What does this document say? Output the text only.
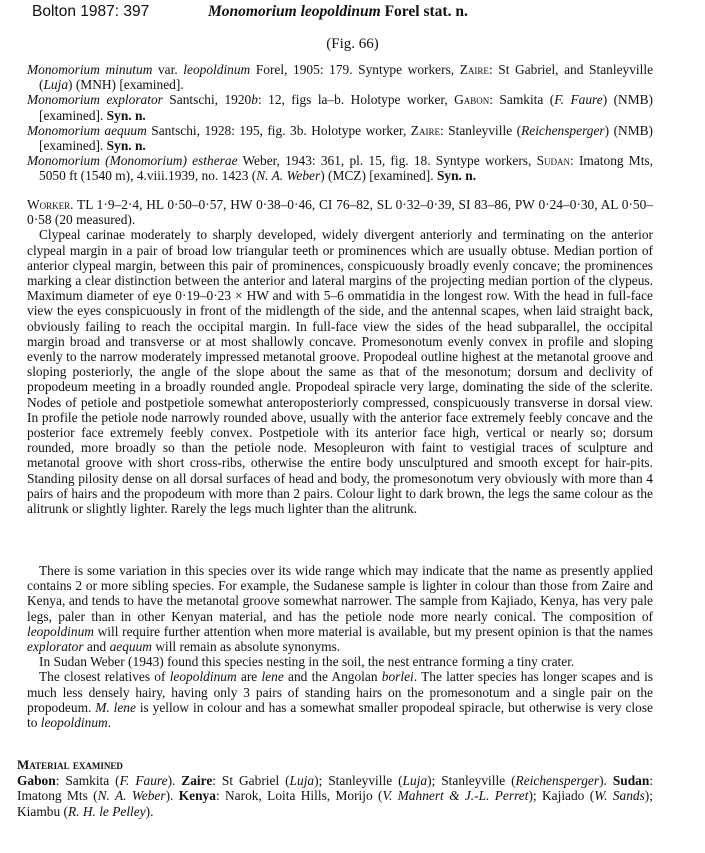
Bolton 1987: 397	Monomorium leopoldinum Forel stat. n.
(Fig. 66)

Monomorium minutum var. leopoldinum Forel, 1905: 179. Syntype workers, Zaire: St Gabriel, and Stanleyville (Luja) (MNH) [examined].

Monomorium explorator Santschi, 1920b: 12, figs la–b. Holotype worker, Gabon: Samkita (F. Faure) (NMB) [examined]. Syn. n.

Monomorium aequum Santschi, 1928: 195, fig. 3b. Holotype worker, Zaire: Stanleyville (Reichensperger) (NMB) [examined]. Syn. n.

Monomorium (Monomorium) estherae Weber, 1943: 361, pl. 15, fig. 18. Syntype workers, Sudan: Imatong Mts, 5050 ft (1540 m), 4.viii.1939, no. 1423 (N. A. Weber) (MCZ) [examined]. Syn. n.

Worker. TL 1·9–2·4, HL 0·50–0·57, HW 0·38–0·46, CI 76–82, SL 0·32–0·39, SI 83–86, PW 0·24–0·30, AL 0·50–0·58 (20 measured).

Clypeal carinae moderately to sharply developed, widely divergent anteriorly and terminating on the anterior clypeal margin in a pair of broad low triangular teeth or prominences which are usually obtuse. Median portion of anterior clypeal margin, between this pair of prominences, conspicuously broadly evenly concave; the prominences marking a clear distinction between the anterior and lateral margins of the projecting median portion of the clypeus. Maximum diameter of eye 0·19–0·23 × HW and with 5–6 ommatidia in the longest row. With the head in full-face view the eyes conspicuously in front of the midlength of the side, and the antennal scapes, when laid straight back, obviously failing to reach the occipital margin. In full-face view the sides of the head subparallel, the occipital margin broad and transverse or at most shallowly concave. Promesonotum evenly convex in profile and sloping evenly to the narrow moderately impressed metanotal groove. Propodeal outline highest at the metanotal groove and sloping posteriorly, the angle of the slope about the same as that of the mesonotum; dorsum and declivity of propodeum meeting in a broadly rounded angle. Propodeal spiracle very large, dominating the side of the sclerite. Nodes of petiole and postpetiole somewhat anteroposteriorly compressed, conspicuously transverse in dorsal view. In profile the petiole node narrowly rounded above, usually with the anterior face extremely feebly concave and the posterior face extremely feebly convex. Postpetiole with its anterior face high, vertical or nearly so; dorsum rounded, more broadly so than the petiole node. Mesopleuron with faint to vestigial traces of sculpture and metanotal groove with short cross-ribs, otherwise the entire body unsculptured and smooth except for hair-pits. Standing pilosity dense on all dorsal surfaces of head and body, the promesonotum very obviously with more than 4 pairs of hairs and the propodeum with more than 2 pairs. Colour light to dark brown, the legs the same colour as the alitrunk or slightly lighter. Rarely the legs much lighter than the alitrunk.

There is some variation in this species over its wide range which may indicate that the name as presently applied contains 2 or more sibling species. For example, the Sudanese sample is lighter in colour than those from Zaire and Kenya, and tends to have the metanotal groove somewhat narrower. The sample from Kajiado, Kenya, has very pale legs, paler than in other Kenyan material, and has the petiole node more nearly conical. The composition of leopoldinum will require further attention when more material is available, but my present opinion is that the names explorator and aequum will remain as absolute synonyms.

In Sudan Weber (1943) found this species nesting in the soil, the nest entrance forming a tiny crater.

The closest relatives of leopoldinum are lene and the Angolan borlei. The latter species has longer scapes and is much less densely hairy, having only 3 pairs of standing hairs on the promesonotum and a single pair on the propodeum. M. lene is yellow in colour and has a somewhat smaller propodeal spiracle, but otherwise is very close to leopoldinum.

Material examined

Gabon: Samkita (F. Faure). Zaire: St Gabriel (Luja); Stanleyville (Luja); Stanleyville (Reichensperger). Sudan: Imatong Mts (N. A. Weber). Kenya: Narok, Loita Hills, Morijo (V. Mahnert & J.-L. Perret); Kajiado (W. Sands); Kiambu (R. H. le Pelley).
